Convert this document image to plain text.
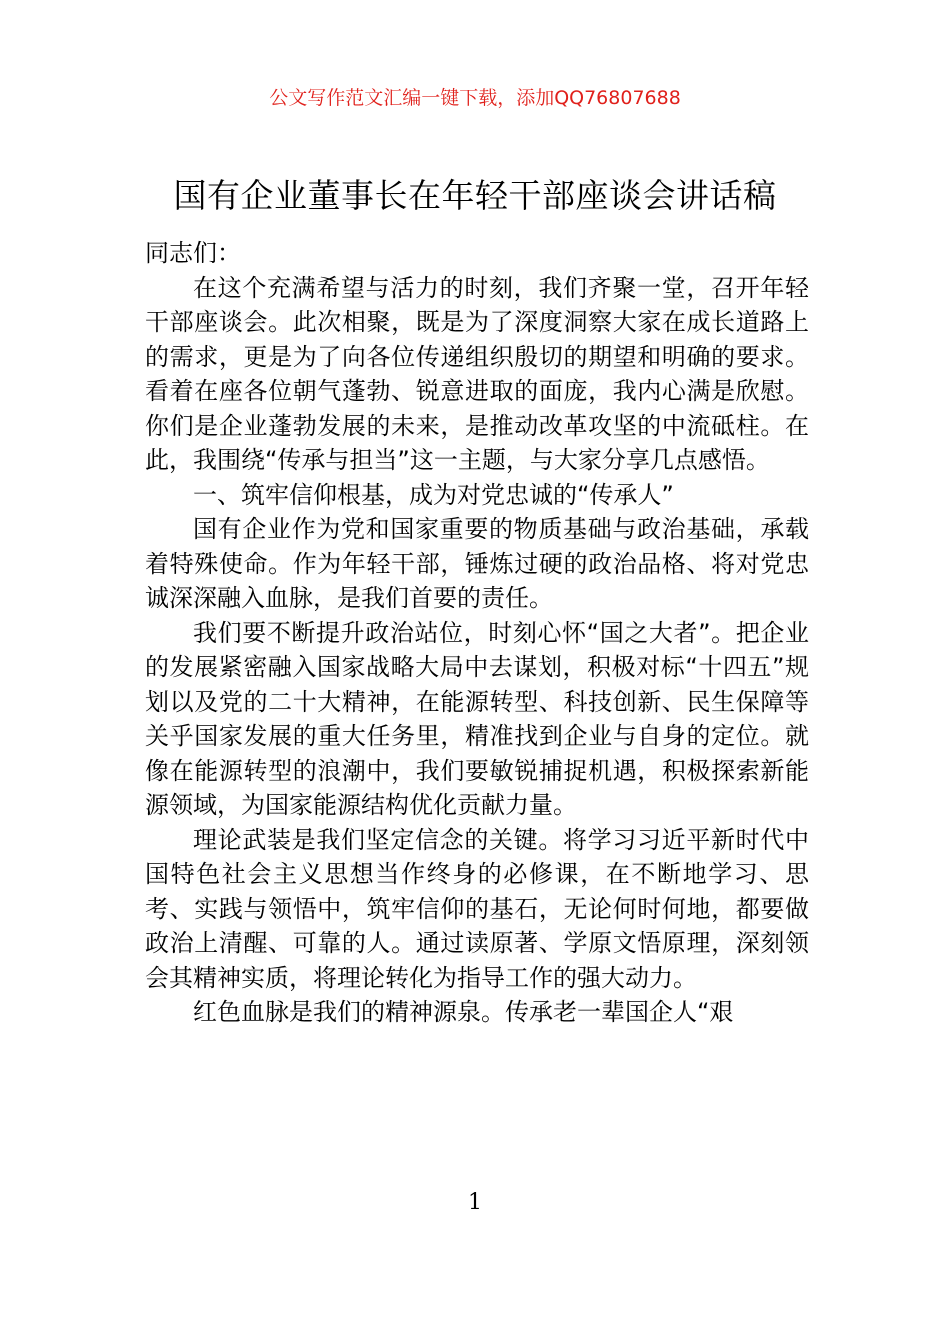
公文写作范文汇编一键下载，添加QQ76807688
国有企业董事长在年轻干部座谈会讲话稿

同志们：

在这个充满希望与活力的时刻，我们齐聚一堂，召开年轻干部座谈会。此次相聚，既是为了深度洞察大家在成长道路上的需求，更是为了向各位传递组织殷切的期望和明确的要求。看着在座各位朝气蓬勃、锐意进取的面庞，我内心满是欣慰。你们是企业蓬勃发展的未来，是推动改革攻坚的中流砥柱。在此，我围绕“传承与担当”这一主题，与大家分享几点感悟。

一、筑牢信仰根基，成为对党忠诚的“传承人”

国有企业作为党和国家重要的物质基础与政治基础，承载着特殊使命。作为年轻干部，锤炼过硬的政治品格、将对党忠诚深深融入血脉，是我们首要的责任。

我们要不断提升政治站位，时刻心怀“国之大者”。把企业的发展紧密融入国家战略大局中去谋划，积极对标“十四五”规划以及党的二十大精神，在能源转型、科技创新、民生保障等关乎国家发展的重大任务里，精准找到企业与自身的定位。就像在能源转型的浪潮中，我们要敏锐捕捉机遇，积极探索新能源领域，为国家能源结构优化贡献力量。

理论武装是我们坚定信念的关键。将学习习近平新时代中国特色社会主义思想当作终身的必修课，在不断地学习、思考、实践与领悟中，筑牢信仰的基石，无论何时何地，都要做政治上清醒、可靠的人。通过读原著、学原文悟原理，深刻领会其精神实质，将理论转化为指导工作的强大动力。

红色血脉是我们的精神源泉。传承老一辈国企人“艰

1
